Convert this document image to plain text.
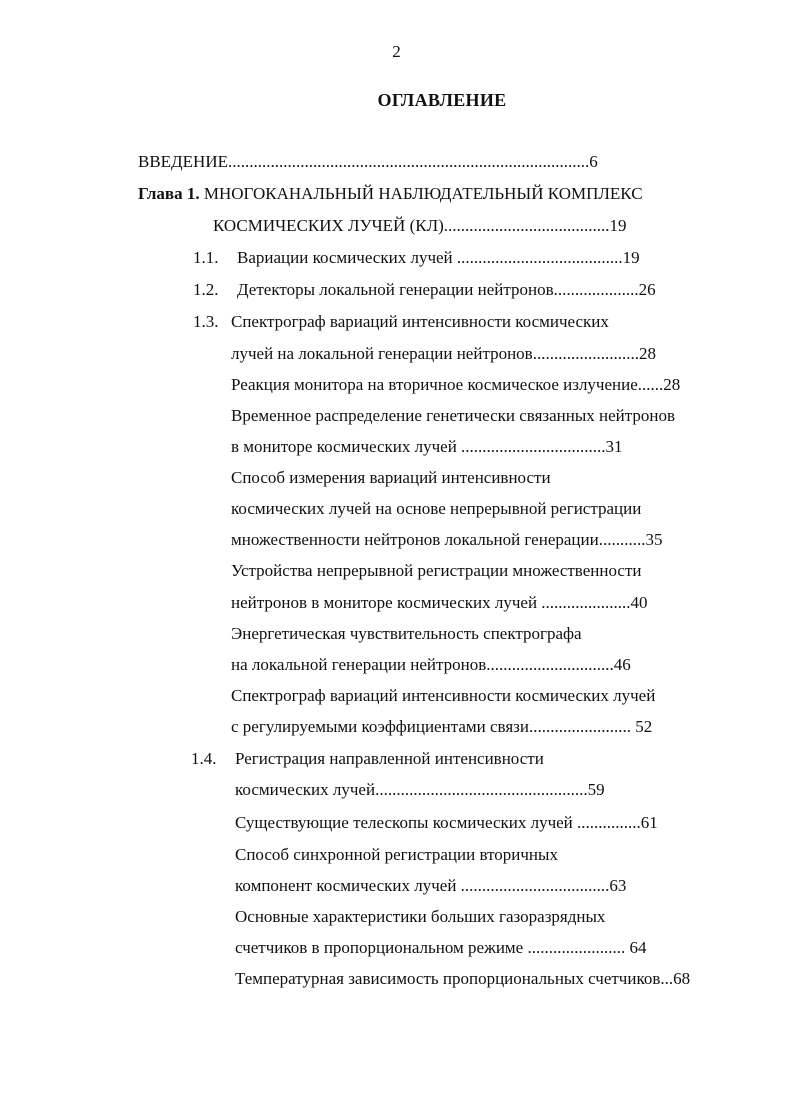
2
ОГЛАВЛЕНИЕ
ВВЕДЕНИЕ.....................................................................................6
Глава 1. МНОГОКАНАЛЬНЫЙ НАБЛЮДАТЕЛЬНЫЙ КОМПЛЕКС
КОСМИЧЕСКИХ ЛУЧЕЙ (КЛ).......................................19
1.1. Вариации космических лучей .......................................19
1.2. Детекторы локальной генерации нейтронов....................26
1.3. Спектрограф вариаций интенсивности космических
лучей на локальной генерации нейтронов.........................28
Реакция монитора на вторичное космическое излучение......28
Временное распределение генетически связанных нейтронов
в мониторе космических лучей ..................................31
Способ измерения вариаций интенсивности
космических лучей на основе непрерывной регистрации
множественности нейтронов локальной генерации...........35
Устройства непрерывной регистрации множественности
нейтронов в мониторе космических лучей .....................40
Энергетическая чувствительность спектрографа
на локальной генерации нейтронов..............................46
Спектрограф вариаций интенсивности космических лучей
с регулируемыми коэффициентами связи........................ 52
1.4. Регистрация направленной интенсивности
космических лучей..................................................59
Существующие телескопы космических лучей ...............61
Способ синхронной регистрации вторичных
компонент космических лучей ...................................63
Основные характеристики больших газоразрядных
счетчиков в пропорциональном режиме ....................... 64
Температурная зависимость пропорциональных счетчиков...68
